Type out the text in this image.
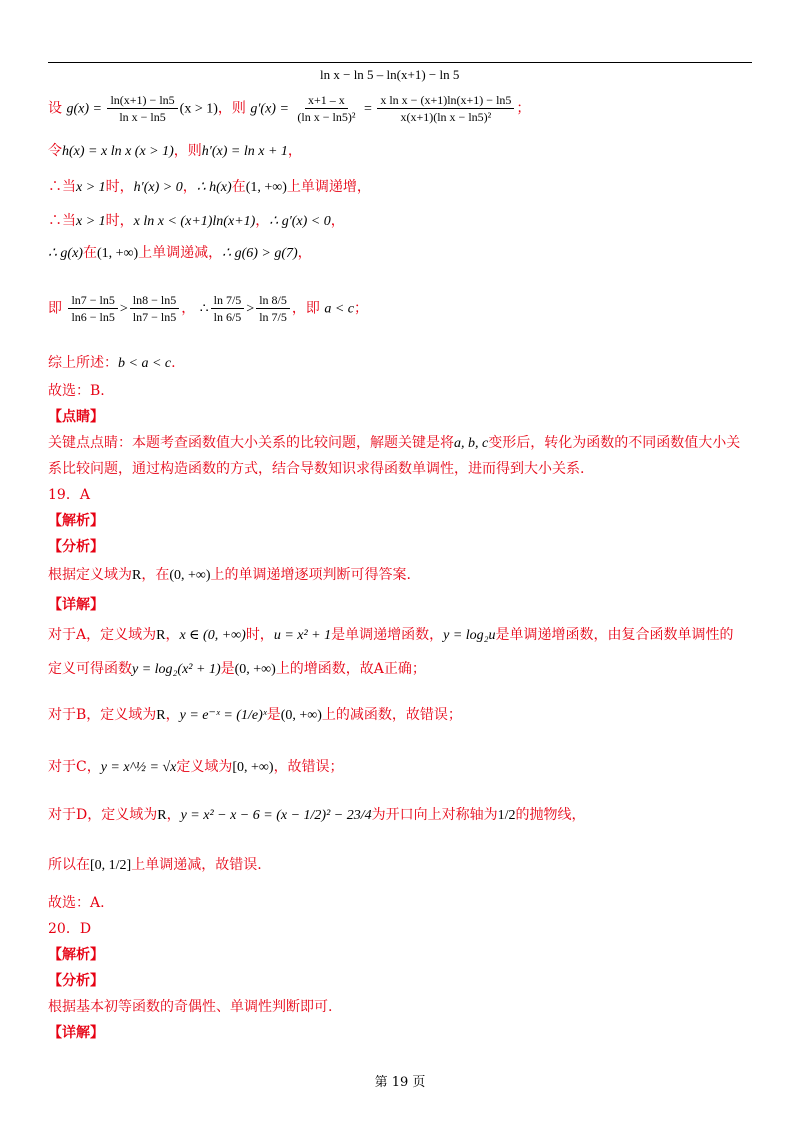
ln x − ln 5 ‒ ln(x+1) − ln 5
设 $g(x) = \frac{\ln(x+1) - \ln 5}{\text{ln x − ln5}} (x > 1)$，则 $g'(x) = \frac{x+1 ‒ x}{\text{(ln x − ln5)²}} = \frac{\text{x ln x − (x+1)ln(x+1) − ln5}}{\text{x(x+1)(ln x − ln5)²}}$ ；
令h(x) = x ln x (x > 1)，则h′(x) = ln x + 1，
∴当x > 1时，h′(x) > 0，∴ h(x)在(1, +∞)上单调递增，
∴当x > 1时，x ln x < (x+1)ln(x+1)，∴ g′(x) < 0，
∴ g(x)在(1, +∞)上单调递减，∴ g(6) > g(7)，
即 $\frac{\ln 7 - \ln 5}{\ln 6 - \ln 5} > \frac{\ln 8 - \ln 5}{\ln 7 - \ln 5}$ ， ∴ $\frac{\ln 7/5}{\ln 6/5} > \frac{\ln 8/5}{\ln 7/5}$ ，即 a < c；
综上所述：b < a < c.
故选：B.
【点睛】
关键点点睛：本题考查函数值大小关系的比较问题，解题关键是将a, b, c变形后，转化为函数的不同函数值大小关
系比较问题，通过构造函数的方式，结合导数知识求得函数单调性，进而得到大小关系.
19．A
【解析】
【分析】
根据定义域为R，在(0, +∞)上的单调递增逐项判断可得答案.
【详解】
对于A，定义域为R，x ∈ (0, +∞)时，u = x² + 1是单调递增函数，y = log₂u是单调递增函数，由复合函数单调性的
定义可得函数y = log₂(x² + 1)是(0, +∞)上的增函数，故A正确；
对于B，定义域为R，y = e⁻ˣ = (1/e)ˣ是(0, +∞)上的减函数，故错误；
对于C，y = x^½ = √x定义域为[0, +∞)，故错误；
对于D，定义域为R，y = x² − x − 6 = (x − 1/2)² − 23/4为开口向上对称轴为1/2的抛物线，
所以在[0, 1/2]上单调递减，故错误.
故选：A.
20．D
【解析】
【分析】
根据基本初等函数的奇偶性、单调性判断即可.
【详解】
第 19 页
